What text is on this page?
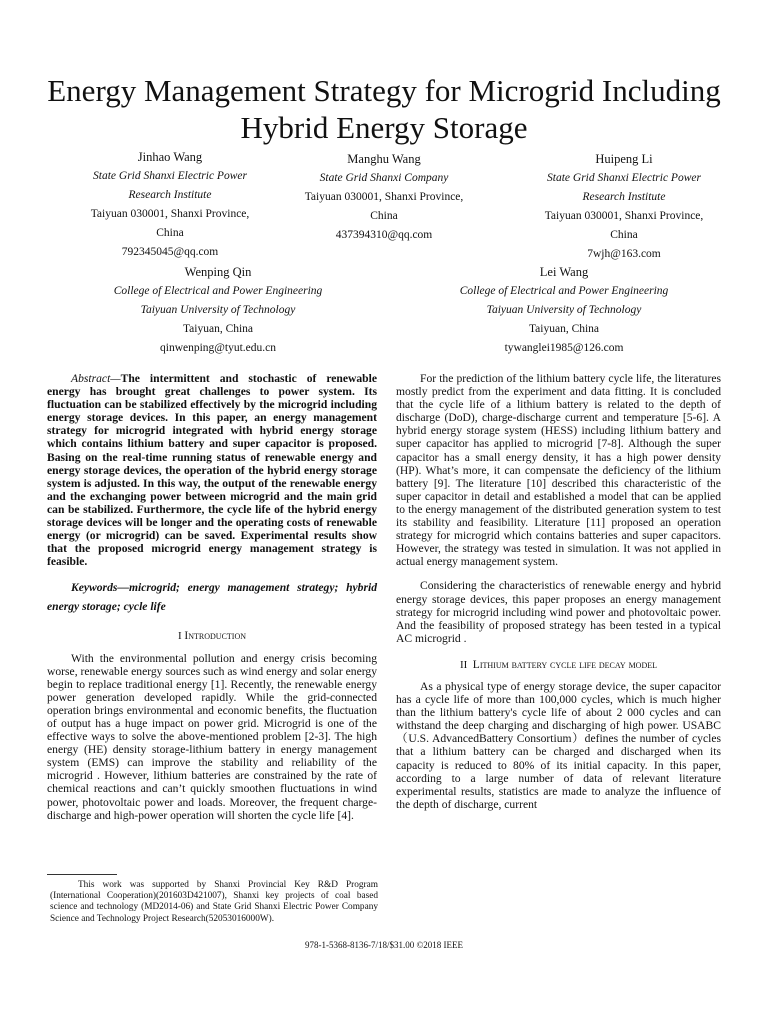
Energy Management Strategy for Microgrid Including Hybrid Energy Storage
Jinhao Wang
State Grid Shanxi Electric Power
Research Institute
Taiyuan 030001, Shanxi Province,
China
792345045@qq.com
Manghu Wang
State Grid Shanxi Company
Taiyuan 030001, Shanxi Province,
China
437394310@qq.com
Huipeng Li
State Grid Shanxi Electric Power
Research Institute
Taiyuan 030001, Shanxi Province,
China
7wjh@163.com
Wenping Qin
College of Electrical and Power Engineering
Taiyuan University of Technology
Taiyuan, China
qinwenping@tyut.edu.cn
Lei Wang
College of Electrical and Power Engineering
Taiyuan University of Technology
Taiyuan, China
tywanglei1985@126.com

Abstract—The intermittent and stochastic of renewable energy has brought great challenges to power system. Its fluctuation can be stabilized effectively by the microgrid including energy storage devices. In this paper, an energy management strategy for microgrid integrated with hybrid energy storage which contains lithium battery and super capacitor is proposed. Basing on the real-time running status of renewable energy and energy storage devices, the operation of the hybrid energy storage system is adjusted. In this way, the output of the renewable energy and the exchanging power between microgrid and the main grid can be stabilized. Furthermore, the cycle life of the hybrid energy storage devices will be longer and the operating costs of renewable energy (or microgrid) can be saved. Experimental results show that the proposed microgrid energy management strategy is feasible.

Keywords—microgrid; energy management strategy; hybrid energy storage; cycle life

I Introduction

With the environmental pollution and energy crisis becoming worse, renewable energy sources such as wind energy and solar energy begin to replace traditional energy [1]. Recently, the renewable energy power generation developed rapidly. While the grid-connected operation brings environmental and economic benefits, the fluctuation of output has a huge impact on power grid. Microgrid is one of the effective ways to solve the above-mentioned problem [2-3]. The high energy (HE) density storage-lithium battery in energy management system (EMS) can improve the stability and reliability of the microgrid . However, lithium batteries are constrained by the rate of chemical reactions and can’t quickly smoothen fluctuations in wind power, photovoltaic power and loads. Moreover, the frequent charge-discharge and high-power operation will shorten the cycle life [4].

For the prediction of the lithium battery cycle life, the literatures mostly predict from the experiment and data fitting. It is concluded that the cycle life of a lithium battery is related to the depth of discharge (DoD), charge-discharge current and temperature [5-6]. A hybrid energy storage system (HESS) including lithium battery and super capacitor has applied to microgrid [7-8]. Although the super capacitor has a small energy density, it has a high power density (HP). What’s more, it can compensate the deficiency of the lithium battery [9]. The literature [10] described this characteristic of the super capacitor in detail and established a model that can be applied to the energy management of the distributed generation system to test its stability and feasibility. Literature [11] proposed an operation strategy for microgrid which contains batteries and super capacitors. However, the strategy was tested in simulation. It was not applied in actual energy management system.

Considering the characteristics of renewable energy and hybrid energy storage devices, this paper proposes an energy management strategy for microgrid including wind power and photovoltaic power. And the feasibility of proposed strategy has been tested in a typical AC microgrid .

II Lithium battery cycle life decay model

As a physical type of energy storage device, the super capacitor has a cycle life of more than 100,000 cycles, which is much higher than the lithium battery's cycle life of about 2 000 cycles and can withstand the deep charging and discharging of high power. USABC（U.S. AdvancedBattery Consortium）defines the number of cycles that a lithium battery can be charged and discharged when its capacity is reduced to 80% of its initial capacity. In this paper, according to a large number of data of relevant literature experimental results, statistics are made to analyze the influence of the depth of discharge, current

This work was supported by Shanxi Provincial Key R&D Program (International Cooperation)(201603D421007), Shanxi key projects of coal based science and technology (MD2014-06) and State Grid Shanxi Electric Power Company Science and Technology Project Research(52053016000W).
978-1-5368-8136-7/18/$31.00 ©2018 IEEE
